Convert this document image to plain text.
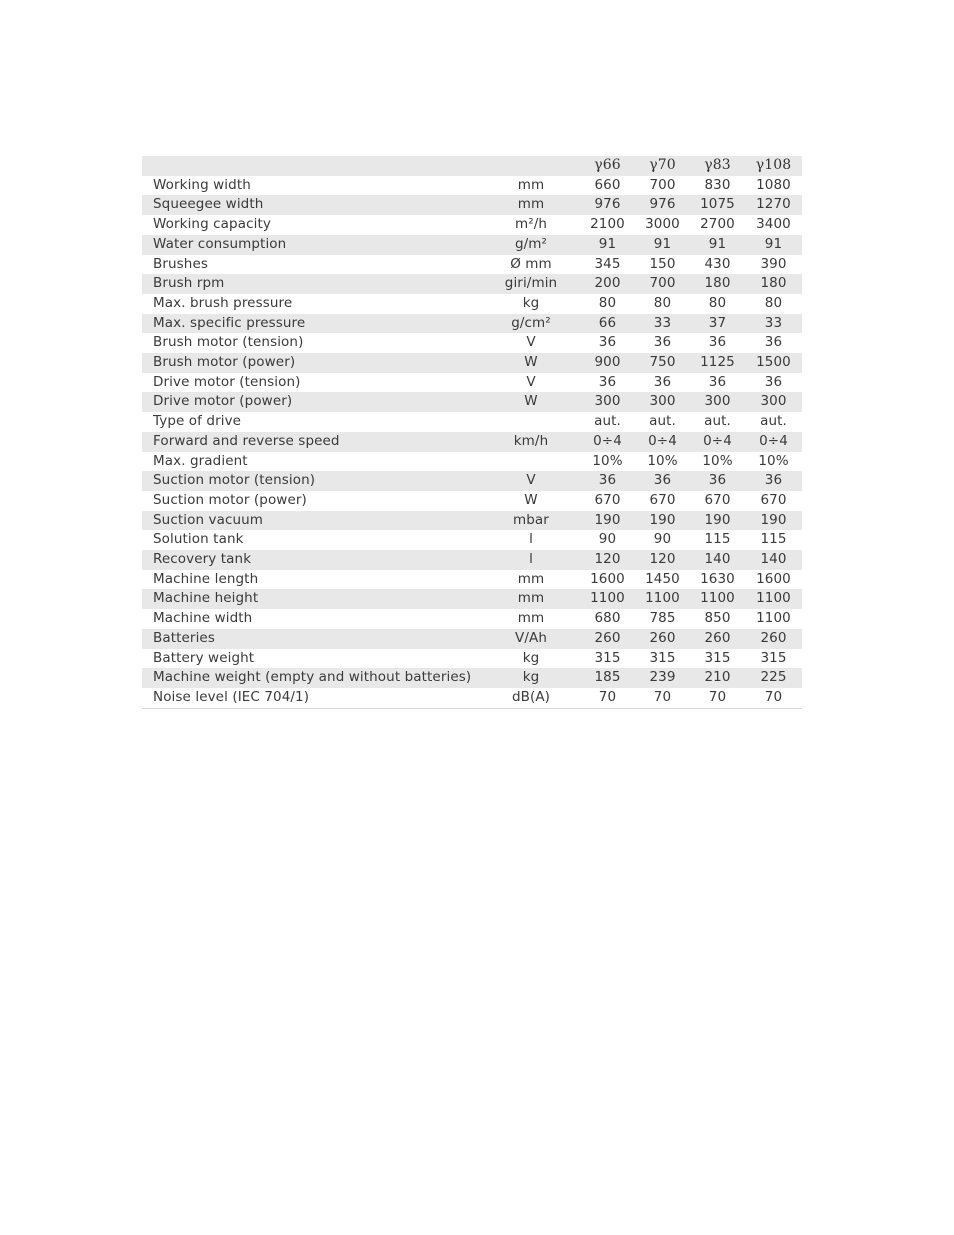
		γ66	γ70	γ83	γ108
Working width	mm	660	700	830	1080
Squeegee width	mm	976	976	1075	1270
Working capacity	m²/h	2100	3000	2700	3400
Water consumption	g/m²	91	91	91	91
Brushes	Ø mm	345	150	430	390
Brush rpm	giri/min	200	700	180	180
Max. brush pressure	kg	80	80	80	80
Max. specific pressure	g/cm²	66	33	37	33
Brush motor (tension)	V	36	36	36	36
Brush motor (power)	W	900	750	1125	1500
Drive motor (tension)	V	36	36	36	36
Drive motor (power)	W	300	300	300	300
Type of drive		aut.	aut.	aut.	aut.
Forward and reverse speed	km/h	0÷4	0÷4	0÷4	0÷4
Max. gradient		10%	10%	10%	10%
Suction motor (tension)	V	36	36	36	36
Suction motor (power)	W	670	670	670	670
Suction vacuum	mbar	190	190	190	190
Solution tank	l	90	90	115	115
Recovery tank	l	120	120	140	140
Machine length	mm	1600	1450	1630	1600
Machine height	mm	1100	1100	1100	1100
Machine width	mm	680	785	850	1100
Batteries	V/Ah	260	260	260	260
Battery weight	kg	315	315	315	315
Machine weight (empty and without batteries)	kg	185	239	210	225
Noise level (IEC 704/1)	dB(A)	70	70	70	70
